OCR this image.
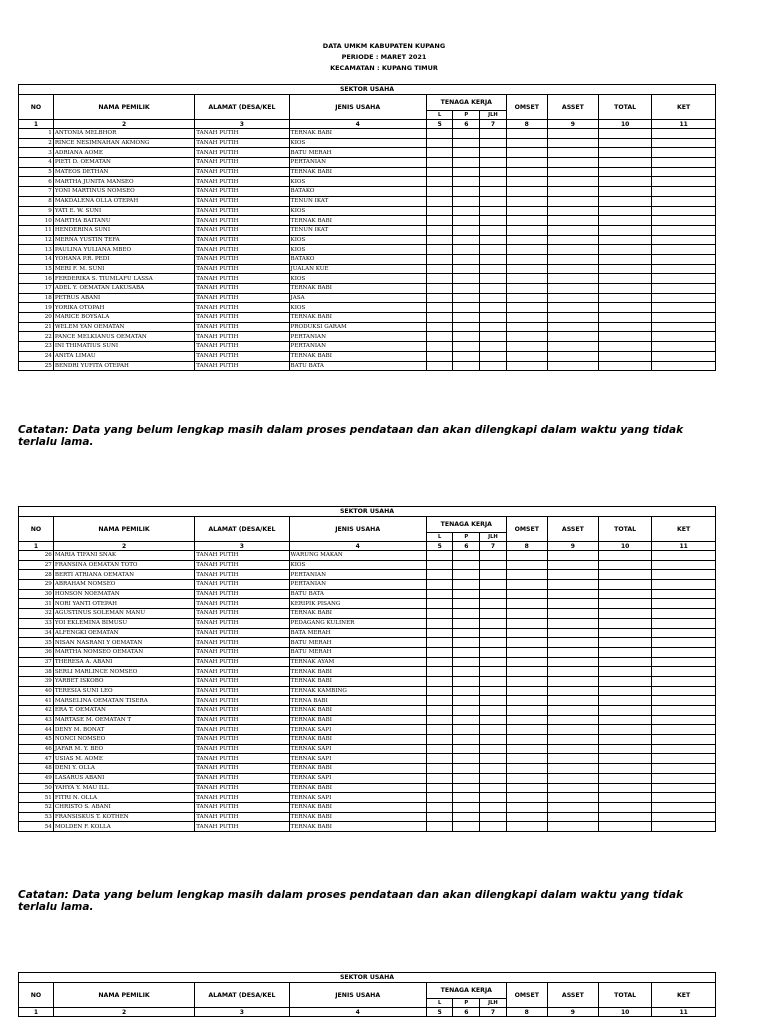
DATA UMKM KABUPATEN KUPANG
PERIODE : MARET 2021
KECAMATAN : KUPANG TIMUR
SEKTOR USAHA										
NO	NAMA PEMILIK	ALAMAT (DESA/KEL	JENIS USAHA	TENAGA KERJA			OMSET	ASSET	TOTAL	KET
				L	P	JLH				
1	2	3	4	5	6	7	8	9	10	11
1	ANTONIA MELBHOR	TANAH PUTIH	TERNAK BABI							
2	RINCE NESIMNAHAN AKMONG	TANAH PUTIH	KIOS							
3	ADRIANA AOME	TANAH PUTIH	BATU MERAH							
4	PIETI D. OEMATAN	TANAH PUTIH	PERTANIAN							
5	MATEOS DETHAN	TANAH PUTIH	TERNAK BABI							
6	MARTHA JUNITA MANSEO	TANAH PUTIH	KIOS							
7	YONI MARTINUS NOMSEO	TANAH PUTIH	BATAKO							
8	MAKDALENA OLLA OTEPAH	TANAH PUTIH	TENUN IKAT							
9	YATI E. W. SUNI	TANAH PUTIH	KIOS							
10	MARTHA BAITANU	TANAH PUTIH	TERNAK BABI							
11	HENDERINA SUNI	TANAH PUTIH	TENUN IKAT							
12	MERNA YUSTIN TEFA	TANAH PUTIH	KIOS							
13	PAULINA YULIANA MBEO	TANAH PUTIH	KIOS							
14	YOHANA P.R. PEDI	TANAH PUTIH	BATAKO							
15	MERI F. M. SUNI	TANAH PUTIH	JUALAN KUE							
16	FERDERIKA S. TIUMLAFU LASSA	TANAH PUTIH	KIOS							
17	ADEL Y. OEMATAN LAKUSABA	TANAH PUTIH	TERNAK BABI							
18	PETRUS ABANI	TANAH PUTIH	JASA							
19	YORIKA OTOPAH	TANAH PUTIH	KIOS							
20	MARICE BOYSALA	TANAH PUTIH	TERNAK BABI							
21	WELEM YAN OEMATAN	TANAH PUTIH	PRODUKSI GARAM							
22	PANCE MELKIANUS OEMATAN	TANAH PUTIH	PERTANIAN							
23	INI THIMATIUS SUNI	TANAH PUTIH	PERTANIAN							
24	ANITA LIMAU	TANAH PUTIH	TERNAK BABI							
25	BENDRI YUFITA OTEPAH	TANAH PUTIH	BATU BATA							
Catatan: Data yang belum lengkap masih dalam proses pendataan dan akan dilengkapi dalam waktu yang tidak terlalu lama.
SEKTOR USAHA										
NO	NAMA PEMILIK	ALAMAT (DESA/KEL	JENIS USAHA	TENAGA KERJA			OMSET	ASSET	TOTAL	KET
				L	P	JLH				
1	2	3	4	5	6	7	8	9	10	11
26	MARIA TIFANI SNAK	TANAH PUTIH	WARUNG MAKAN							
27	FRANSINA OEMATAN TOTO	TANAH PUTIH	KIOS							
28	BERTI ATRIANA OEMATAN	TANAH PUTIH	PERTANIAN							
29	ABRAHAM NOMSEO	TANAH PUTIH	PERTANIAN							
30	HONSON NOEMATAN	TANAH PUTIH	BATU BATA							
31	NORI YANTI OTEPAH	TANAH PUTIH	KERIPIK PISANG							
32	AGUSTINUS SOLEMAN MANU	TANAH PUTIH	TERNAK BABI							
33	YOI EKLEMINA BIMUSU	TANAH PUTIH	PEDAGANG KULINER							
34	ALFENGKI OEMATAN	TANAH PUTIH	BATA MERAH							
35	NISAN NASRANI Y OEMATAN	TANAH PUTIH	BATU MERAH							
36	MARTHA NOMSEO OEMATAN	TANAH PUTIH	BATU MERAH							
37	THERESA A. ABANI	TANAH PUTIH	TERNAK AYAM							
38	SERLI MARLINCE NOMSEO	TANAH PUTIH	TERNAK BABI							
39	YARBET ISKOBO	TANAH PUTIH	TERNAK BABI							
40	TERESIA SUNI LEO	TANAH PUTIH	TERNAK KAMBING							
41	MARSELINA OEMATAN TISERA	TANAH PUTIH	TERNA BABI							
42	ERA T. OEMATAN	TANAH PUTIH	TERNAK BABI							
43	MARTASE M. OEMATAN T	TANAH PUTIH	TERNAK BABI							
44	DENY M. BONAT	TANAH PUTIH	TERNAK SAPI							
45	NONCI NOMSEO	TANAH PUTIH	TERNAK BABI							
46	JAFAR M. Y. BEO	TANAH PUTIH	TERNAK SAPI							
47	USIAS M. AOME	TANAH PUTIH	TERNAK SAPI							
48	DENI Y. OLLA	TANAH PUTIH	TERNAK BABI							
49	LASARUS ABANI	TANAH PUTIH	TERNAK SAPI							
50	YAHYA Y. MAU ILL	TANAH PUTIH	TERNAK BABI							
51	FITRI N. OLLA	TANAH PUTIH	TERNAK SAPI							
52	CHRISTO S. ABANI	TANAH PUTIH	TERNAK BABI							
53	FRANSISKUS T. KOTHEN	TANAH PUTIH	TERNAK BABI							
54	MOLDEN F. KOLLA	TANAH PUTIH	TERNAK BABI							
Catatan: Data yang belum lengkap masih dalam proses pendataan dan akan dilengkapi dalam waktu yang tidak terlalu lama.
SEKTOR USAHA										
NO	NAMA PEMILIK	ALAMAT (DESA/KEL	JENIS USAHA	TENAGA KERJA			OMSET	ASSET	TOTAL	KET
				L	P	JLH				
1	2	3	4	5	6	7	8	9	10	11
